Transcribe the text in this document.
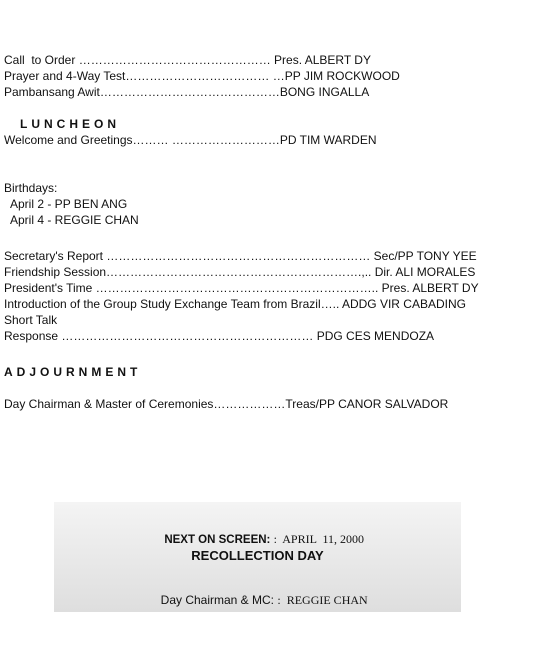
Call  to Order ………………………………………… Pres. ALBERT DY
Prayer and 4-Way Test……………………………… …PP JIM ROCKWOOD
Pambansang Awit………………………………………BONG INGALLA
LUNCHEON
Welcome and Greetings……… ………………………PD TIM WARDEN
Birthdays:
April 2 - PP BEN ANG
April 4 - REGGIE CHAN
Secretary's Report ………………………………………………………… Sec/PP TONY YEE
Friendship Session……………………………………………………….,.. Dir. ALI MORALES
President's Time …………………………………………………………….. Pres. ALBERT DY
Introduction of the Group Study Exchange Team from Brazil….. ADDG VIR CABADING
Short Talk
Response ……………………………………………………… PDG CES MENDOZA
ADJOURNMENT
Day Chairman & Master of Ceremonies………………Treas/PP CANOR SALVADOR

NEXT ON SCREEN: :  APRIL  11, 2000

RECOLLECTION DAY

Day Chairman & MC: :  REGGIE CHAN
